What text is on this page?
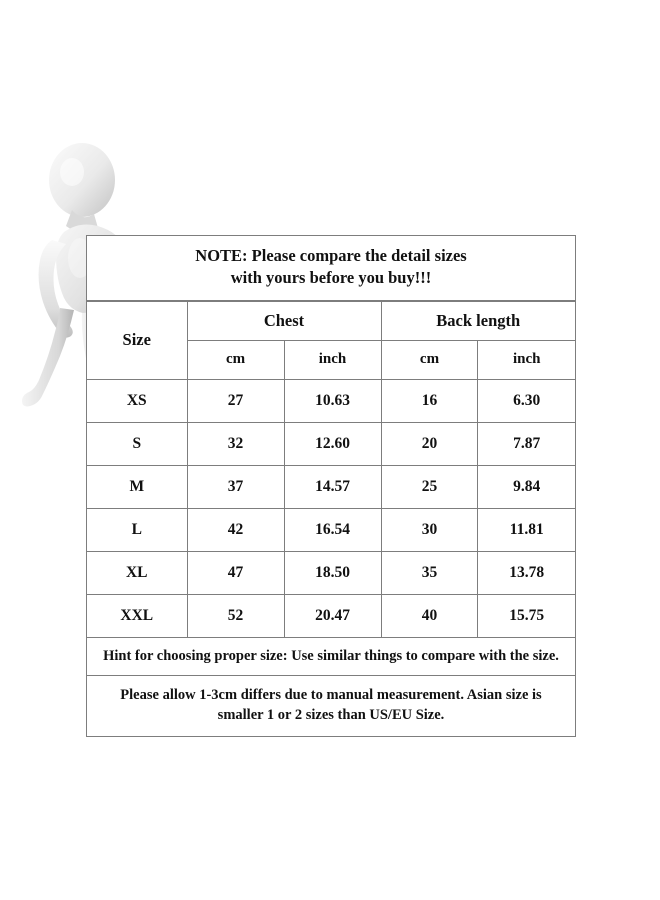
NOTE: Please compare the detail sizes
with yours before you buy!!!
Size	Chest		Back length	
	cm	inch	cm	inch
XS	27	10.63	16	6.30
S	32	12.60	20	7.87
M	37	14.57	25	9.84
L	42	16.54	30	11.81
XL	47	18.50	35	13.78
XXL	52	20.47	40	15.75
Hint for choosing proper size: Use similar things to compare with the size.
Please allow 1-3cm differs due to manual measurement. Asian size is smaller 1 or 2 sizes than US/EU Size.
